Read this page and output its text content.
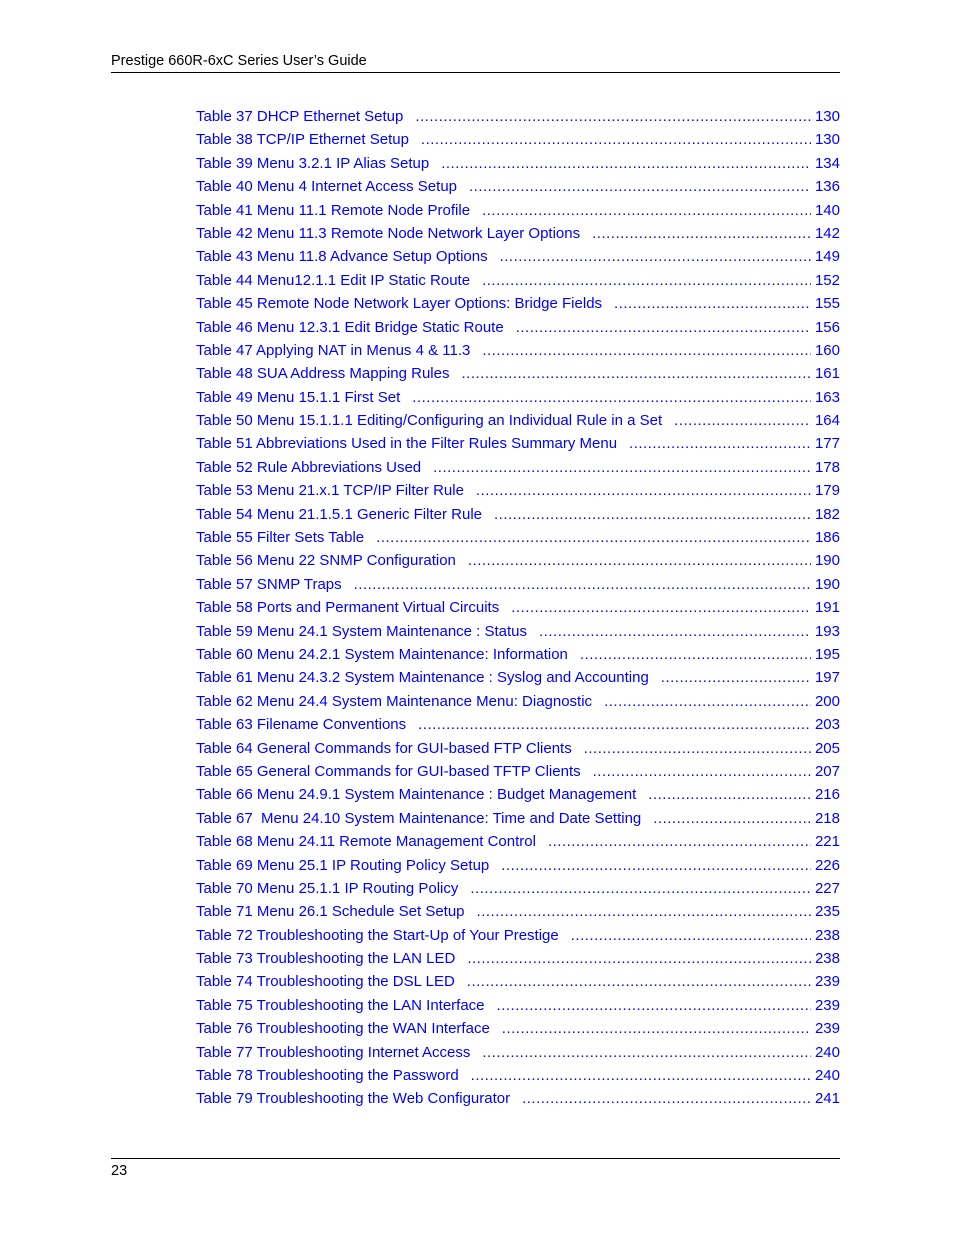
Prestige 660R-6xC Series User’s Guide
Table 37 DHCP Ethernet Setup .....	130
Table 38 TCP/IP Ethernet Setup .....	130
Table 39 Menu 3.2.1 IP Alias Setup .....	134
Table 40 Menu 4 Internet Access Setup .....	136
Table 41 Menu 11.1 Remote Node Profile .....	140
Table 42 Menu 11.3 Remote Node Network Layer Options .....	142
Table 43 Menu 11.8 Advance Setup Options .....	149
Table 44 Menu12.1.1 Edit IP Static Route .....	152
Table 45 Remote Node Network Layer Options: Bridge Fields .....	155
Table 46 Menu 12.3.1 Edit Bridge Static Route .....	156
Table 47 Applying NAT in Menus 4 & 11.3 .....	160
Table 48 SUA Address Mapping Rules .....	161
Table 49 Menu 15.1.1 First Set .....	163
Table 50 Menu 15.1.1.1 Editing/Configuring an Individual Rule in a Set .....	164
Table 51 Abbreviations Used in the Filter Rules Summary Menu .....	177
Table 52 Rule Abbreviations Used .....	178
Table 53 Menu 21.x.1 TCP/IP Filter Rule .....	179
Table 54 Menu 21.1.5.1 Generic Filter Rule .....	182
Table 55 Filter Sets Table .....	186
Table 56 Menu 22 SNMP Configuration .....	190
Table 57 SNMP Traps .....	190
Table 58 Ports and Permanent Virtual Circuits .....	191
Table 59 Menu 24.1 System Maintenance : Status .....	193
Table 60 Menu 24.2.1 System Maintenance: Information .....	195
Table 61 Menu 24.3.2 System Maintenance : Syslog and Accounting .....	197
Table 62 Menu 24.4 System Maintenance Menu: Diagnostic .....	200
Table 63 Filename Conventions .....	203
Table 64 General Commands for GUI-based FTP Clients .....	205
Table 65 General Commands for GUI-based TFTP Clients .....	207
Table 66 Menu 24.9.1 System Maintenance : Budget Management .....	216
Table 67  Menu 24.10 System Maintenance: Time and Date Setting .....	218
Table 68 Menu 24.11 Remote Management Control .....	221
Table 69 Menu 25.1 IP Routing Policy Setup .....	226
Table 70 Menu 25.1.1 IP Routing Policy .....	227
Table 71 Menu 26.1 Schedule Set Setup .....	235
Table 72 Troubleshooting the Start-Up of Your Prestige .....	238
Table 73 Troubleshooting the LAN LED .....	238
Table 74 Troubleshooting the DSL LED .....	239
Table 75 Troubleshooting the LAN Interface .....	239
Table 76 Troubleshooting the WAN Interface .....	239
Table 77 Troubleshooting Internet Access .....	240
Table 78 Troubleshooting the Password .....	240
Table 79 Troubleshooting the Web Configurator .....	241
23
